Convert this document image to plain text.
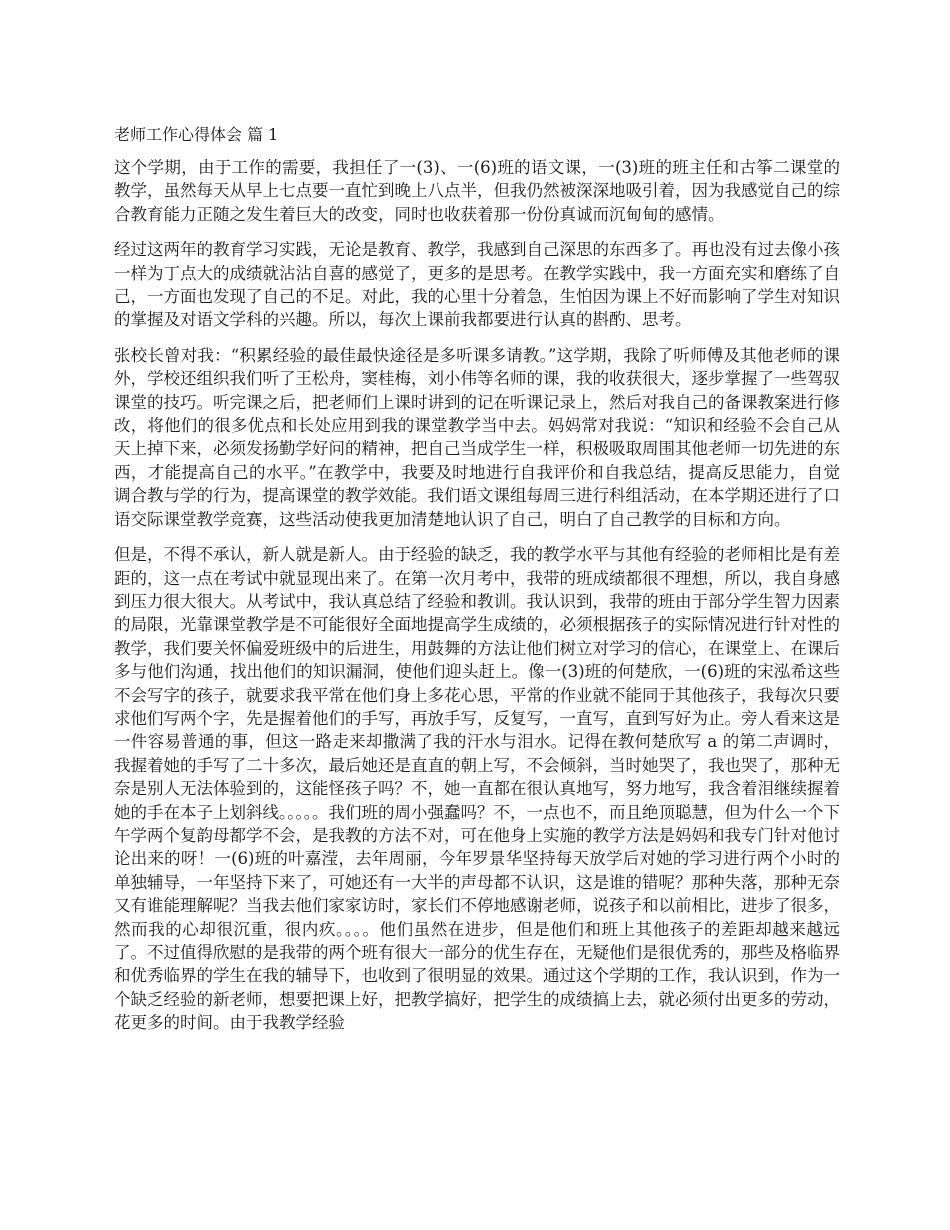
老师工作心得体会 篇 1

这个学期，由于工作的需要，我担任了一(3)、一(6)班的语文课，一(3)班的班主任和古筝二课堂的教学，虽然每天从早上七点要一直忙到晚上八点半，但我仍然被深深地吸引着，因为我感觉自己的综合教育能力正随之发生着巨大的改变，同时也收获着那一份份真诚而沉甸甸的感情。

经过这两年的教育学习实践，无论是教育、教学，我感到自己深思的东西多了。再也没有过去像小孩一样为丁点大的成绩就沾沾自喜的感觉了，更多的是思考。在教学实践中，我一方面充实和磨练了自己，一方面也发现了自己的不足。对此，我的心里十分着急，生怕因为课上不好而影响了学生对知识的掌握及对语文学科的兴趣。所以，每次上课前我都要进行认真的斟酌、思考。

张校长曾对我：“积累经验的最佳最快途径是多听课多请教。”这学期，我除了听师傅及其他老师的课外，学校还组织我们听了王松舟，窦桂梅，刘小伟等名师的课，我的收获很大，逐步掌握了一些驾驭课堂的技巧。听完课之后，把老师们上课时讲到的记在听课记录上，然后对我自己的备课教案进行修改，将他们的很多优点和长处应用到我的课堂教学当中去。妈妈常对我说：“知识和经验不会自己从天上掉下来，必须发扬勤学好问的精神，把自己当成学生一样，积极吸取周围其他老师一切先进的东西，才能提高自己的水平。”在教学中，我要及时地进行自我评价和自我总结，提高反思能力，自觉调合教与学的行为，提高课堂的教学效能。我们语文课组每周三进行科组活动，在本学期还进行了口语交际课堂教学竞赛，这些活动使我更加清楚地认识了自己，明白了自己教学的目标和方向。

但是，不得不承认，新人就是新人。由于经验的缺乏，我的教学水平与其他有经验的老师相比是有差距的，这一点在考试中就显现出来了。在第一次月考中，我带的班成绩都很不理想，所以，我自身感到压力很大很大。从考试中，我认真总结了经验和教训。我认识到，我带的班由于部分学生智力因素的局限，光靠课堂教学是不可能很好全面地提高学生成绩的，必须根据孩子的实际情况进行针对性的教学，我们要关怀偏爱班级中的后进生，用鼓舞的方法让他们树立对学习的信心，在课堂上、在课后多与他们沟通，找出他们的知识漏洞，使他们迎头赶上。像一(3)班的何楚欣，一(6)班的宋泓希这些不会写字的孩子，就要求我平常在他们身上多花心思，平常的作业就不能同于其他孩子，我每次只要求他们写两个字，先是握着他们的手写，再放手写，反复写，一直写，直到写好为止。旁人看来这是一件容易普通的事，但这一路走来却撒满了我的汗水与泪水。记得在教何楚欣写 a 的第二声调时，我握着她的手写了二十多次，最后她还是直直的朝上写，不会倾斜，当时她哭了，我也哭了，那种无奈是别人无法体验到的，这能怪孩子吗？不，她一直都在很认真地写，努力地写，我含着泪继续握着她的手在本子上划斜线。。。。。我们班的周小强蠢吗？不，一点也不，而且绝顶聪慧，但为什么一个下午学两个复韵母都学不会，是我教的方法不对，可在他身上实施的教学方法是妈妈和我专门针对他讨论出来的呀！一(6)班的叶嘉滢，去年周丽，今年罗景华坚持每天放学后对她的学习进行两个小时的单独辅导，一年坚持下来了，可她还有一大半的声母都不认识，这是谁的错呢？那种失落，那种无奈又有谁能理解呢？当我去他们家家访时，家长们不停地感谢老师，说孩子和以前相比，进步了很多，然而我的心却很沉重，很内疚。。。。他们虽然在进步，但是他们和班上其他孩子的差距却越来越远了。不过值得欣慰的是我带的两个班有很大一部分的优生存在，无疑他们是很优秀的，那些及格临界和优秀临界的学生在我的辅导下，也收到了很明显的效果。通过这个学期的工作，我认识到，作为一个缺乏经验的新老师，想要把课上好，把教学搞好，把学生的成绩搞上去，就必须付出更多的劳动，花更多的时间。由于我教学经验
